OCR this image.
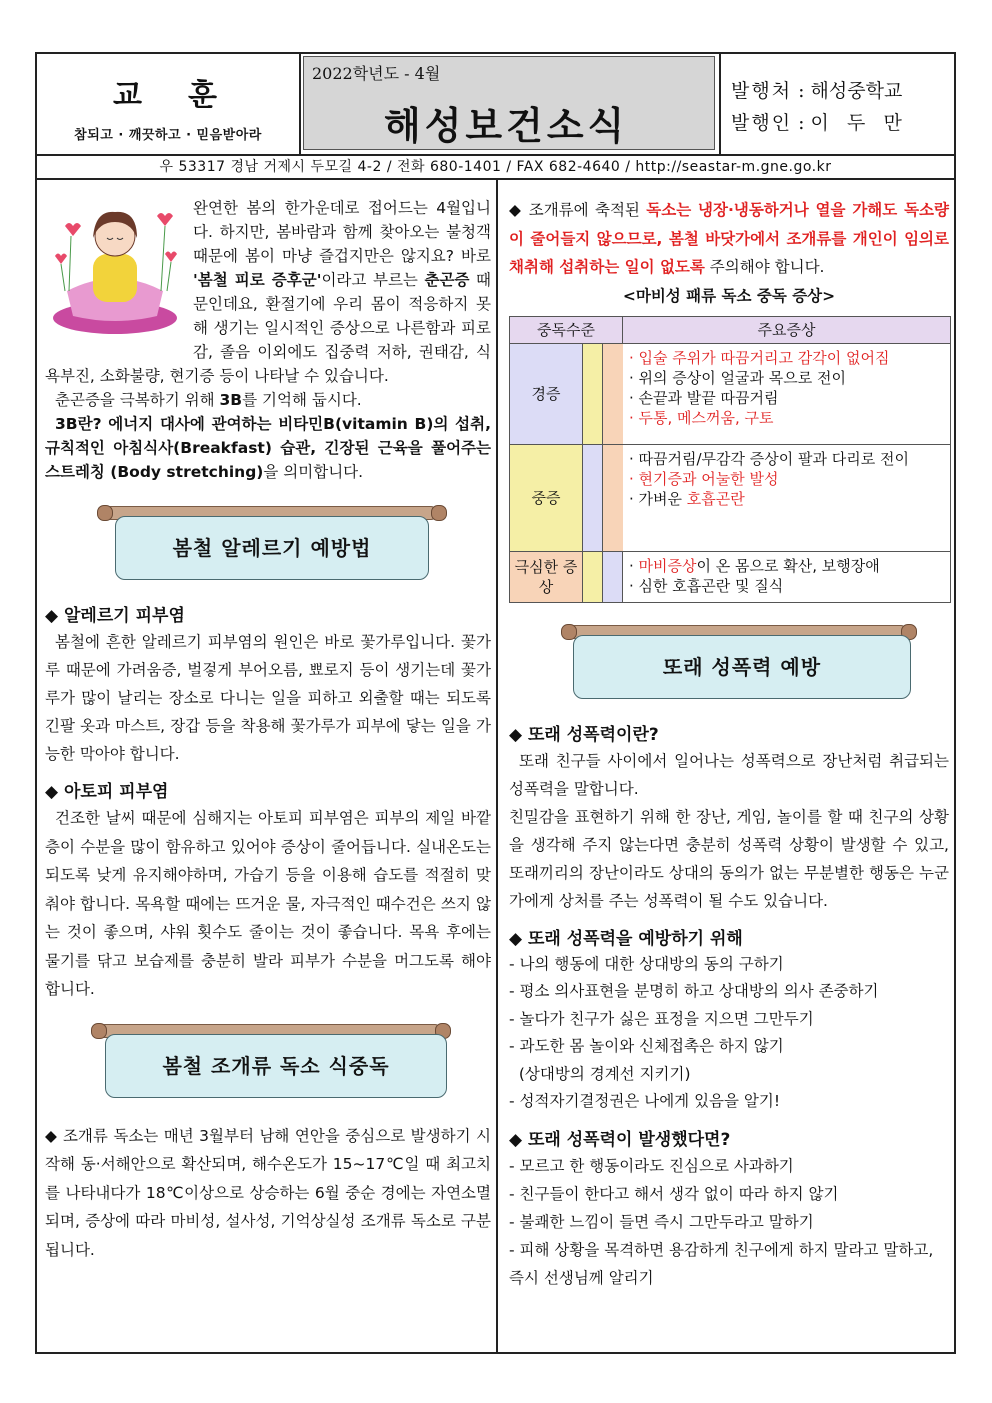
교훈
참되고 · 깨끗하고 · 믿음받아라
2022학년도 - 4월
해성보건소식
발행처 : 해성중학교
발행인 : 이   두   만
우 53317 경남 거제시 두모길 4-2 / 전화 680-1401 / FAX 682-4640 / http://seastar-m.gne.go.kr
완연한 봄의 한가운데로 접어드는 4월입니다. 하지만, 봄바람과 함께 찾아오는 불청객 때문에 봄이 마냥 즐겁지만은 않지요? 바로 '봄철 피로 증후군'이라고 부르는 춘곤증 때문인데요, 환절기에 우리 몸이 적응하지 못해 생기는 일시적인 증상으로 나른함과 피로감, 졸음 이외에도 집중력 저하, 권태감, 식욕부진, 소화불량, 현기증 등이 나타날 수 있습니다.
춘곤증을 극복하기 위해 3B를 기억해 둡시다.
3B란? 에너지 대사에 관여하는 비타민B(vitamin B)의 섭취, 규칙적인 아침식사(Breakfast) 습관, 긴장된 근육을 풀어주는 스트레칭 (Body stretching)을 의미합니다.
봄철 알레르기 예방법
◆ 알레르기 피부염

봄철에 흔한 알레르기 피부염의 원인은 바로 꽃가루입니다. 꽃가루 때문에 가려움증, 벌겋게 부어오름, 뾰로지 등이 생기는데 꽃가루가 많이 날리는 장소로 다니는 일을 피하고 외출할 때는 되도록 긴팔 옷과 마스트, 장갑 등을 착용해 꽃가루가 피부에 닿는 일을 가능한 막아야 합니다.

◆ 아토피 피부염

건조한 날씨 때문에 심해지는 아토피 피부염은 피부의 제일 바깥층이 수분을 많이 함유하고 있어야 증상이 줄어듭니다. 실내온도는 되도록 낮게 유지해야하며, 가습기 등을 이용해 습도를 적절히 맞춰야 합니다. 목욕할 때에는 뜨거운 물, 자극적인 때수건은 쓰지 않는 것이 좋으며, 샤워 횟수도 줄이는 것이 좋습니다. 목욕 후에는 물기를 닦고 보습제를 충분히 발라 피부가 수분을 머그도록 해야 합니다.

봄철 조개류 독소 식중독

◆ 조개류 독소는 매년 3월부터 남해 연안을 중심으로 발생하기 시작해 동·서해안으로 확산되며, 해수온도가 15~17℃일 때 최고치를 나타내다가 18℃이상으로 상승하는 6월 중순 경에는 자연소멸되며, 증상에 따라 마비성, 설사성, 기억상실성 조개류 독소로 구분됩니다.

◆ 조개류에 축적된 독소는 냉장·냉동하거나 열을 가해도 독소량이 줄어들지 않으므로, 봄철 바닷가에서 조개류를 개인이 임의로 채취해 섭취하는 일이 없도록 주의해야 합니다.

<마비성 패류 독소 중독 증상>
중독수준	주요증상

경증	· 입술 주위가 따끔거리고 감각이 없어짐
· 위의 증상이 얼굴과 목으로 전이
· 손끝과 발끝 따끔거림
· 두통, 메스꺼움, 구토

중증	· 따끔거림/무감각 증상이 팔과 다리로 전이
· 현기증과 어눌한 발성
· 가벼운 호흡곤란

극심한 증상	· 마비증상이 온 몸으로 확산, 보행장애
· 심한 호흡곤란 및 질식
또래 성폭력 예방
◆ 또래 성폭력이란?

또래 친구들 사이에서 일어나는 성폭력으로 장난처럼 취급되는 성폭력을 말합니다.

친밀감을 표현하기 위해 한 장난, 게임, 놀이를 할 때 친구의 상황을 생각해 주지 않는다면 충분히 성폭력 상황이 발생할 수 있고, 또래끼리의 장난이라도 상대의 동의가 없는 무분별한 행동은 누군가에게 상처를 주는 성폭력이 될 수도 있습니다.

◆ 또래 성폭력을 예방하기 위해
- 나의 행동에 대한 상대방의 동의 구하기
- 평소 의사표현을 분명히 하고 상대방의 의사 존중하기
- 놀다가 친구가 싫은 표정을 지으면 그만두기
- 과도한 몸 놀이와 신체접촉은 하지 않기
(상대방의 경계선 지키기)
- 성적자기결정권은 나에게 있음을 알기!
◆ 또래 성폭력이 발생했다면?
- 모르고 한 행동이라도 진심으로 사과하기
- 친구들이 한다고 해서 생각 없이 따라 하지 않기
- 불쾌한 느낌이 들면 즉시 그만두라고 말하기
- 피해 상황을 목격하면 용감하게 친구에게 하지 말라고 말하고, 즉시 선생님께 알리기
